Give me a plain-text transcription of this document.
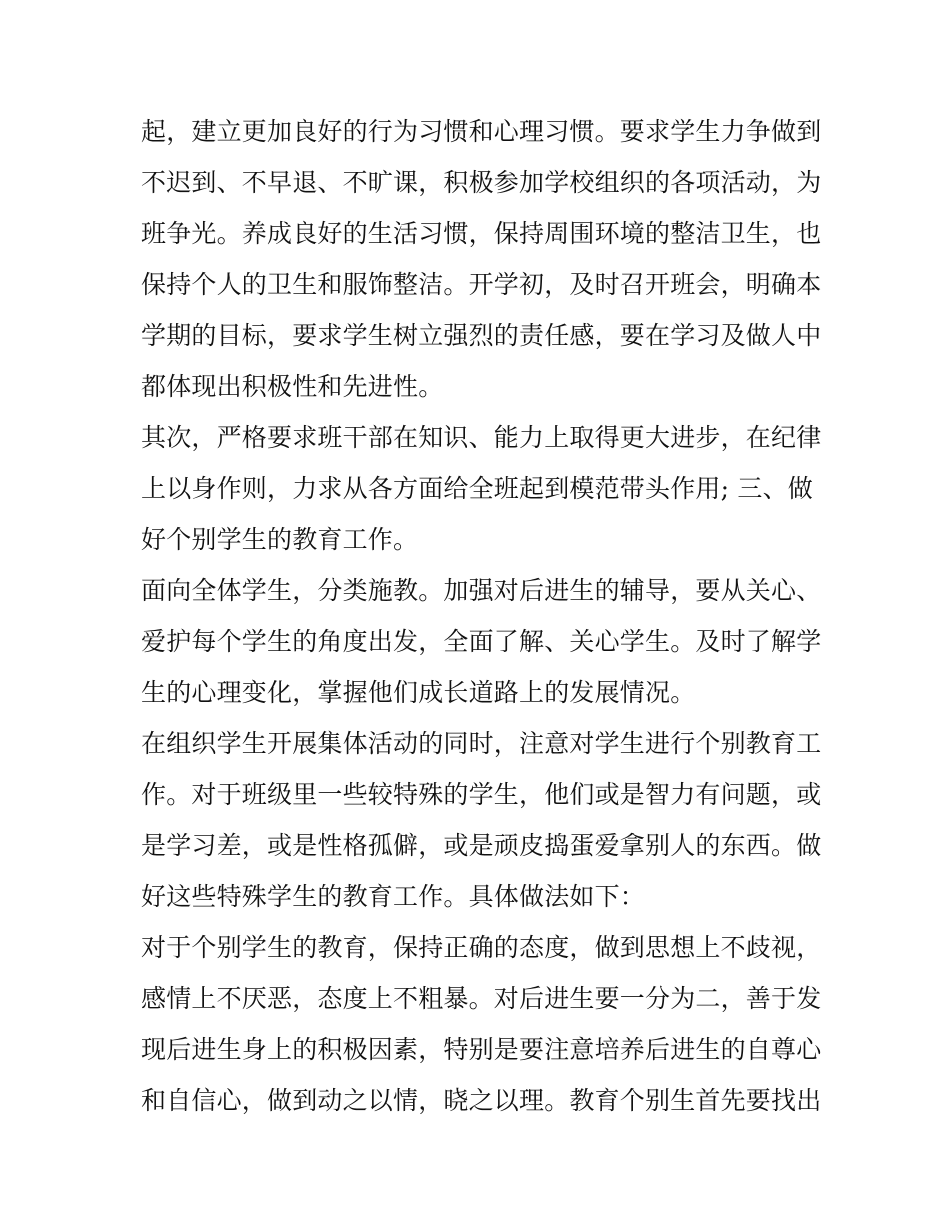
起，建立更加良好的行为习惯和心理习惯。要求学生力争做到
不迟到、不早退、不旷课，积极参加学校组织的各项活动，为
班争光。养成良好的生活习惯，保持周围环境的整洁卫生，也
保持个人的卫生和服饰整洁。开学初，及时召开班会，明确本
学期的目标，要求学生树立强烈的责任感，要在学习及做人中
都体现出积极性和先进性。
其次，严格要求班干部在知识、能力上取得更大进步，在纪律
上以身作则，力求从各方面给全班起到模范带头作用; 三、做
好个别学生的教育工作。
面向全体学生，分类施教。加强对后进生的辅导，要从关心、
爱护每个学生的角度出发，全面了解、关心学生。及时了解学
生的心理变化，掌握他们成长道路上的发展情况。
在组织学生开展集体活动的同时，注意对学生进行个别教育工
作。对于班级里一些较特殊的学生，他们或是智力有问题，或
是学习差，或是性格孤僻，或是顽皮捣蛋爱拿别人的东西。做
好这些特殊学生的教育工作。具体做法如下：
对于个别学生的教育，保持正确的态度，做到思想上不歧视，
感情上不厌恶，态度上不粗暴。对后进生要一分为二，善于发
现后进生身上的积极因素，特别是要注意培养后进生的自尊心
和自信心，做到动之以情，晓之以理。教育个别生首先要找出
